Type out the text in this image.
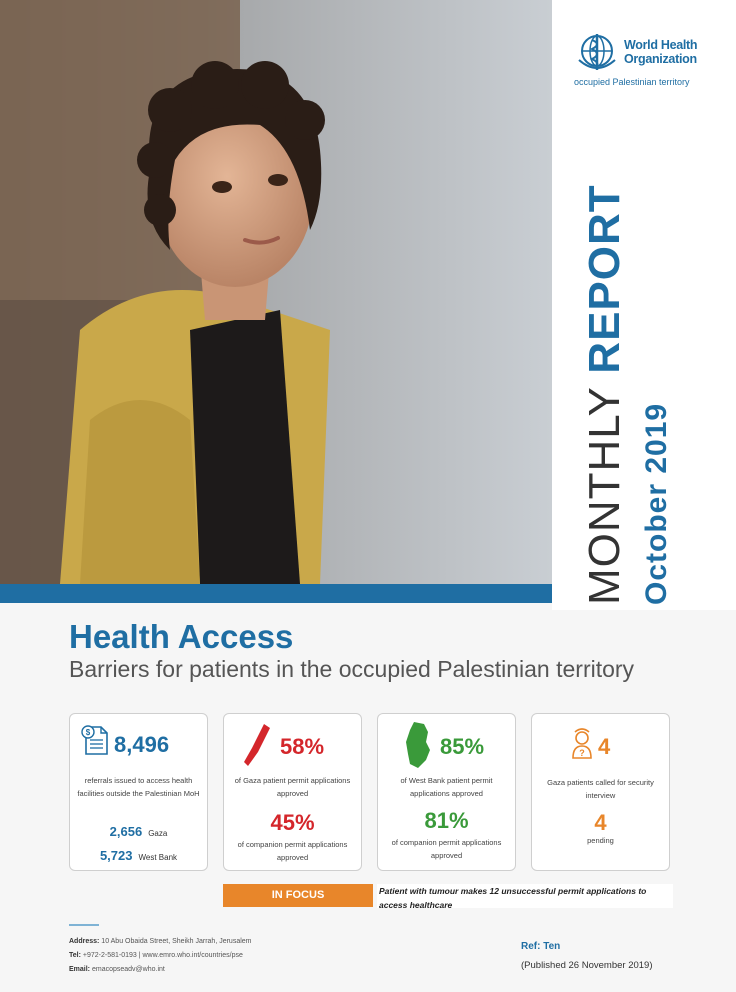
World Health
Organization
occupied Palestinian territory
MONTHLY REPORT
October 2019
Health Access
Barriers for patients in the occupied Palestinian territory
$ 8,496
referrals issued to access health facilities outside the Palestinian MoH
2,656 Gaza
5,723 West Bank
58%
of Gaza patient permit applications approved
45%
of companion permit applications approved
85%
of West Bank patient permit applications approved
81%
of companion permit applications approved
? 4
Gaza patients called for security interview
4
pending
IN FOCUS	Patient with tumour makes 12 unsuccessful permit applications to access healthcare
Address: 10 Abu Obaida Street, Sheikh Jarrah, Jerusalem
Tel: +972-2-581-0193 | www.emro.who.int/countries/pse
Email: emacopseadv@who.int
Ref: Ten
(Published 26 November 2019)
